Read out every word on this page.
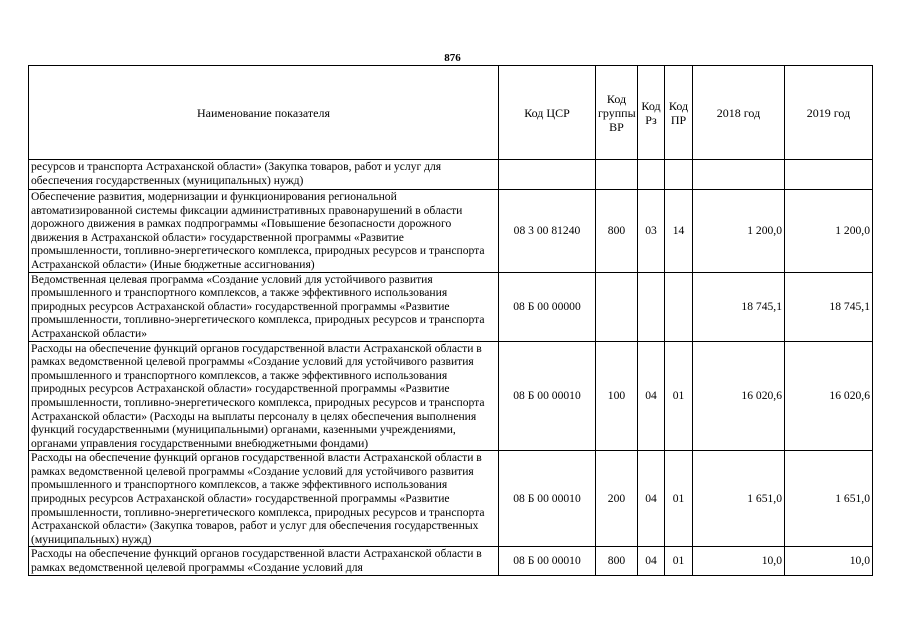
876
Наименование показателя	Код ЦСР	Код группы ВР	Код Рз	Код ПР	2018 год	2019 год
ресурсов и транспорта Астраханской области» (Закупка товаров, работ и услуг для обеспечения государственных (муниципальных) нужд)						
Обеспечение развития, модернизации и функционирования региональной автоматизированной системы фиксации административных правонарушений в области дорожного движения в рамках подпрограммы «Повышение безопасности дорожного движения в Астраханской области» государственной программы «Развитие промышленности, топливно-энергетического комплекса, природных ресурсов и транспорта Астраханской области» (Иные бюджетные ассигнования)	08 3 00 81240	800	03	14	1 200,0	1 200,0
Ведомственная целевая программа «Создание условий для устойчивого развития промышленного и транспортного комплексов, а также эффективного использования природных ресурсов Астраханской области» государственной программы «Развитие промышленности, топливно-энергетического комплекса, природных ресурсов и транспорта Астраханской области»	08 Б 00 00000				18 745,1	18 745,1
Расходы на обеспечение функций органов государственной власти Астраханской области в рамках ведомственной целевой программы «Создание условий для устойчивого развития промышленного и транспортного комплексов, а также эффективного использования природных ресурсов Астраханской области» государственной программы «Развитие промышленности, топливно-энергетического комплекса, природных ресурсов и транспорта Астраханской области» (Расходы на выплаты персоналу в целях обеспечения выполнения функций государственными (муниципальными) органами, казенными учреждениями, органами управления государственными внебюджетными фондами)	08 Б 00 00010	100	04	01	16 020,6	16 020,6
Расходы на обеспечение функций органов государственной власти Астраханской области в рамках ведомственной целевой программы «Создание условий для устойчивого развития промышленного и транспортного комплексов, а также эффективного использования природных ресурсов Астраханской области» государственной программы «Развитие промышленности, топливно-энергетического комплекса, природных ресурсов и транспорта Астраханской области» (Закупка товаров, работ и услуг для обеспечения государственных (муниципальных) нужд)	08 Б 00 00010	200	04	01	1 651,0	1 651,0
Расходы на обеспечение функций органов государственной власти Астраханской области в рамках ведомственной целевой программы «Создание условий для	08 Б 00 00010	800	04	01	10,0	10,0
